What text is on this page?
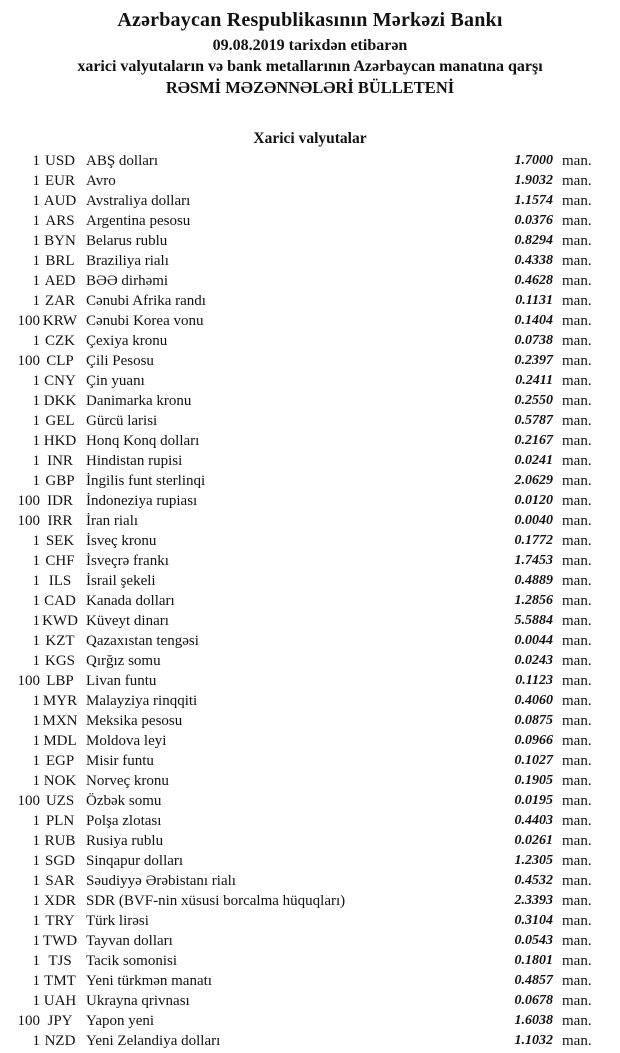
Azərbaycan Respublikasının Mərkəzi Bankı
09.08.2019 tarixdən etibarən
xarici valyutaların və bank metallarının Azərbaycan manatına qarşı
RƏSMİ MƏZƏNNƏLƏRİ BÜLLETENİ
Xarici valyutalar
1 USD ABŞ dolları	1.7000 man.
1 EUR Avro	1.9032 man.
1 AUD Avstraliya dolları	1.1574 man.
1 ARS Argentina pesosu	0.0376 man.
1 BYN Belarus rublu	0.8294 man.
1 BRL Braziliya rialı	0.4338 man.
1 AED BƏƏ dirhəmi	0.4628 man.
1 ZAR Cənubi Afrika randı	0.1131 man.
100 KRW Cənubi Korea vonu	0.1404 man.
1 CZK Çexiya kronu	0.0738 man.
100 CLP Çili Pesosu	0.2397 man.
1 CNY Çin yuanı	0.2411 man.
1 DKK Danimarka kronu	0.2550 man.
1 GEL Gürcü larisi	0.5787 man.
1 HKD Honq Konq dolları	0.2167 man.
1 INR Hindistan rupisi	0.0241 man.
1 GBP İngilis funt sterlinqi	2.0629 man.
100 IDR İndoneziya rupiası	0.0120 man.
100 IRR İran rialı	0.0040 man.
1 SEK İsveç kronu	0.1772 man.
1 CHF İsveçrə frankı	1.7453 man.
1 ILS İsrail şekeli	0.4889 man.
1 CAD Kanada dolları	1.2856 man.
1 KWD Küveyt dinarı	5.5884 man.
1 KZT Qazaxıstan tengəsi	0.0044 man.
1 KGS Qırğız somu	0.0243 man.
100 LBP Livan funtu	0.1123 man.
1 MYR Malayziya rinqqiti	0.4060 man.
1 MXN Meksika pesosu	0.0875 man.
1 MDL Moldova leyi	0.0966 man.
1 EGP Misir funtu	0.1027 man.
1 NOK Norveç kronu	0.1905 man.
100 UZS Özbək somu	0.0195 man.
1 PLN Polşa zlotası	0.4403 man.
1 RUB Rusiya rublu	0.0261 man.
1 SGD Sinqapur dolları	1.2305 man.
1 SAR Səudiyyə Ərəbistanı rialı	0.4532 man.
1 XDR SDR (BVF-nin xüsusi borcalma hüquqları)	2.3393 man.
1 TRY Türk lirəsi	0.3104 man.
1 TWD Tayvan dolları	0.0543 man.
1 TJS Tacik somonisi	0.1801 man.
1 TMT Yeni türkmən manatı	0.4857 man.
1 UAH Ukrayna qrivnası	0.0678 man.
100 JPY Yapon yeni	1.6038 man.
1 NZD Yeni Zelandiya dolları	1.1032 man.
